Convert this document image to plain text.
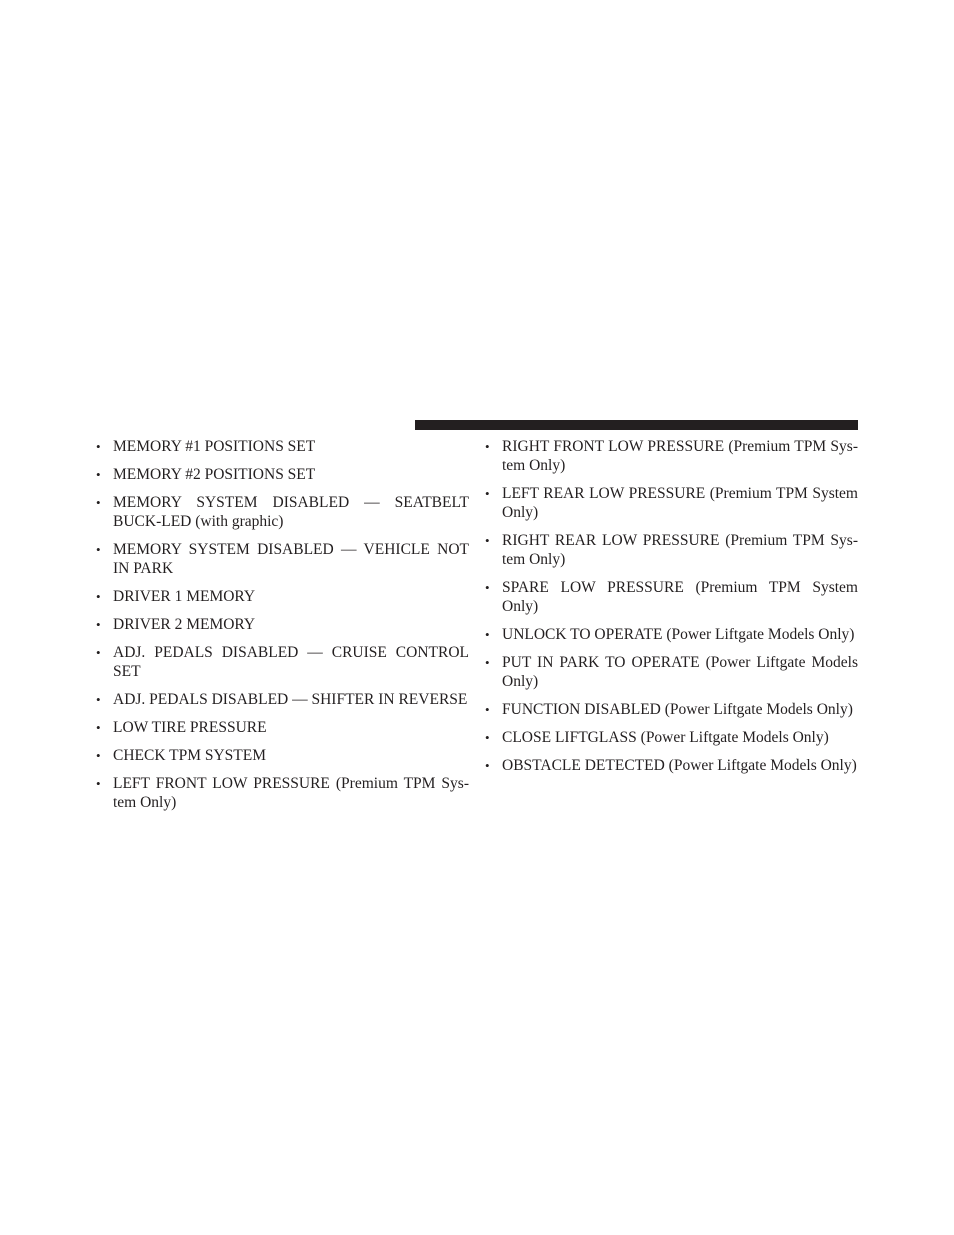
• MEMORY #1 POSITIONS SET
• MEMORY #2 POSITIONS SET
• MEMORY SYSTEM DISABLED — SEATBELT BUCK-LED (with graphic)
• MEMORY SYSTEM DISABLED — VEHICLE NOT IN PARK
• DRIVER 1 MEMORY
• DRIVER 2 MEMORY
• ADJ. PEDALS DISABLED — CRUISE CONTROL SET
• ADJ. PEDALS DISABLED — SHIFTER IN REVERSE
• LOW TIRE PRESSURE
• CHECK TPM SYSTEM
• LEFT FRONT LOW PRESSURE (Premium TPM Sys-tem Only)
• RIGHT FRONT LOW PRESSURE (Premium TPM Sys-tem Only)
• LEFT REAR LOW PRESSURE (Premium TPM System Only)
• RIGHT REAR LOW PRESSURE (Premium TPM Sys-tem Only)
• SPARE LOW PRESSURE (Premium TPM System Only)
• UNLOCK TO OPERATE (Power Liftgate Models Only)
• PUT IN PARK TO OPERATE (Power Liftgate Models Only)
• FUNCTION DISABLED (Power Liftgate Models Only)
• CLOSE LIFTGLASS (Power Liftgate Models Only)
• OBSTACLE DETECTED (Power Liftgate Models Only)
